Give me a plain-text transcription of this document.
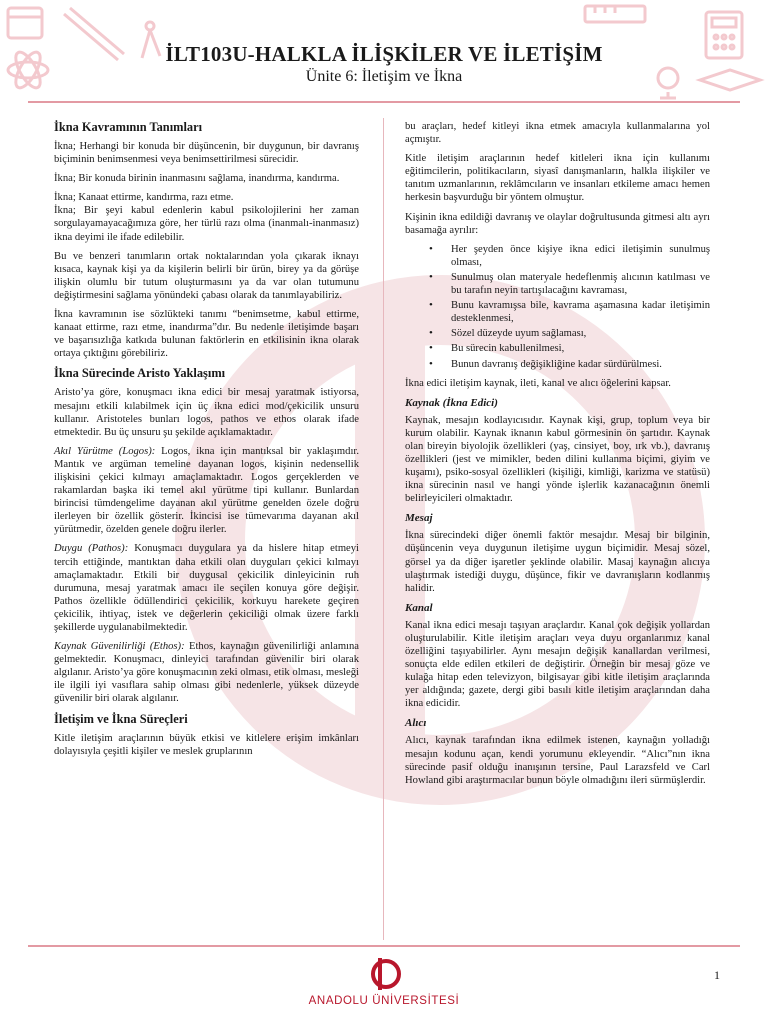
İLT103U-HALKLA İLİŞKİLER VE İLETİŞİM
Ünite 6: İletişim ve İkna
İkna Kavramının Tanımları

İkna; Herhangi bir konuda bir düşüncenin, bir duygunun, bir davranış biçiminin benimsenmesi veya benimsettirilmesi sürecidir.

İkna; Bir konuda birinin inanmasını sağlama, inandırma, kandırma.

İkna; Kanaat ettirme, kandırma, razı etme.

İkna; Bir şeyi kabul edenlerin kabul psikolojilerini her zaman sorgulayamayacağımıza göre, her türlü razı olma (inanmalı-inanmasız) ikna deyimi ile ifade edilebilir.

Bu ve benzeri tanımların ortak noktalarından yola çıkarak iknayı kısaca, kaynak kişi ya da kişilerin belirli bir ürün, birey ya da görüşe ilişkin olumlu bir tutum oluşturmasını ya da var olan tutumunu değiştirmesini sağlama yönündeki çabası olarak da tanımlayabiliriz.

İkna kavramının ise sözlükteki tanımı “benimsetme, kabul ettirme, kanaat ettirme, razı etme, inandırma”dır. Bu nedenle iletişimde başarı ve başarısızlığa katkıda bulunan faktörlerin en etkilisinin ikna olarak ortaya çıktığını görebiliriz.

İkna Sürecinde Aristo Yaklaşımı

Aristo’ya göre, konuşmacı ikna edici bir mesaj yaratmak istiyorsa, mesajını etkili kılabilmek için üç ikna edici mod/çekicilik unsuru kullanır. Aristoteles bunları logos, pathos ve ethos olarak ifade etmektedir. Bu üç unsuru şu şekilde açıklamaktadır.

Akıl Yürütme (Logos): Logos, ikna için mantıksal bir yaklaşımdır. Mantık ve argüman temeline dayanan logos, kişinin nedensellik ilişkisini çekici kılmayı amaçlamaktadır. Logos gerçeklerden ve rakamlardan başka iki temel akıl yürütme tipi kullanır. Bunlardan birincisi tümdengelime dayanan akıl yürütme genelden özele doğru ilerleyen bir özellik gösterir. İkincisi ise tümevarıma dayanan akıl yürütmedir, özelden genele doğru ilerler.

Duygu (Pathos): Konuşmacı duygulara ya da hislere hitap etmeyi tercih ettiğinde, mantıktan daha etkili olan duyguları çekici kılmayı amaçlamaktadır. Etkili bir duygusal çekicilik dinleyicinin ruh durumuna, mesaj yaratmak amacı ile seçilen konuya göre değişir. Pathos özellikle ödüllendirici çekicilik, korkuyu harekete geçiren çekicilik, ihtiyaç, istek ve değerlerin çekiciliği olmak üzere farklı şekillerde uygulanabilmektedir.

Kaynak Güvenilirliği (Ethos): Ethos, kaynağın güvenilirliği anlamına gelmektedir. Konuşmacı, dinleyici tarafından güvenilir biri olarak algılanır. Aristo’ya göre konuşmacının zeki olması, etik olması, mesleği ile ilgili iyi vasıflara sahip olması gibi nedenlerle, yüksek düzeyde güvenilir biri olarak algılanır.

İletişim ve İkna Süreçleri

Kitle iletişim araçlarının büyük etkisi ve kitlelere erişim imkânları dolayısıyla çeşitli kişiler ve meslek gruplarının

bu araçları, hedef kitleyi ikna etmek amacıyla kullanmalarına yol açmıştır.

Kitle iletişim araçlarının hedef kitleleri ikna için kullanımı eğitimcilerin, politikacıların, siyasî danışmanların, halkla ilişkiler ve tanıtım uzmanlarının, reklâmcıların ve insanları etkileme amacı hemen herkesin başvurduğu bir yöntem olmuştur.

Kişinin ikna edildiği davranış ve olaylar doğrultusunda gitmesi altı ayrı basamağa ayrılır:

• Her şeyden önce kişiye ikna edici iletişimin sunulmuş olması,
• Sunulmuş olan materyale hedeflenmiş alıcının katılması ve bu tarafın neyin tartışılacağını kavraması,
• Bunu kavramışsa bile, kavrama aşamasına kadar iletişimin desteklenmesi,
• Sözel düzeyde uyum sağlaması,
• Bu sürecin kabullenilmesi,
• Bunun davranış değişikliğine kadar sürdürülmesi.

İkna edici iletişim kaynak, ileti, kanal ve alıcı öğelerini kapsar.

Kaynak (İkna Edici)

Kaynak, mesajın kodlayıcısıdır. Kaynak kişi, grup, toplum veya bir kurum olabilir. Kaynak iknanın kabul görmesinin ön şartıdır. Kaynak olan bireyin biyolojik özellikleri (yaş, cinsiyet, boy, ırk vb.), davranış özellikleri (jest ve mimikler, beden dilini kullanma biçimi, giyim ve kuşamı), psiko-sosyal özellikleri (kişiliği, kimliği, karizma ve statüsü) ikna sürecinin nasıl ve hangi yönde işlerlik kazanacağının önemli belirleyicileri olmaktadır.

Mesaj

İkna sürecindeki diğer önemli faktör mesajdır. Mesaj bir bilginin, düşüncenin veya duygunun iletişime uygun biçimidir. Mesaj sözel, görsel ya da diğer işaretler şeklinde olabilir. Masaj kaynağın alıcıya ulaştırmak istediği duygu, düşünce, fikir ve davranışların kodlanmış halidir.

Kanal

Kanal ikna edici mesajı taşıyan araçlardır. Kanal çok değişik yollardan oluşturulabilir. Kitle iletişim araçları veya duyu organlarımız kanal özelliğini taşıyabilirler. Aynı mesajın değişik kanallardan verilmesi, sonuçta elde edilen etkileri de değiştirir. Örneğin bir mesaj göze ve kulağa hitap eden televizyon, bilgisayar gibi kitle iletişim araçlarında yer aldığında; gazete, dergi gibi basılı kitle iletişim araçlarından daha ikna edicidir.

Alıcı

Alıcı, kaynak tarafından ikna edilmek istenen, kaynağın yolladığı mesajın kodunu açan, kendi yorumunu ekleyendir. “Alıcı”nın ikna sürecinde pasif olduğu inanışının tersine, Paul Larazsfeld ve Carl Howland gibi araştırmacılar bunun böyle olmadığını ileri sürmüşlerdir.

ANADOLU ÜNİVERSİTESİ
1
